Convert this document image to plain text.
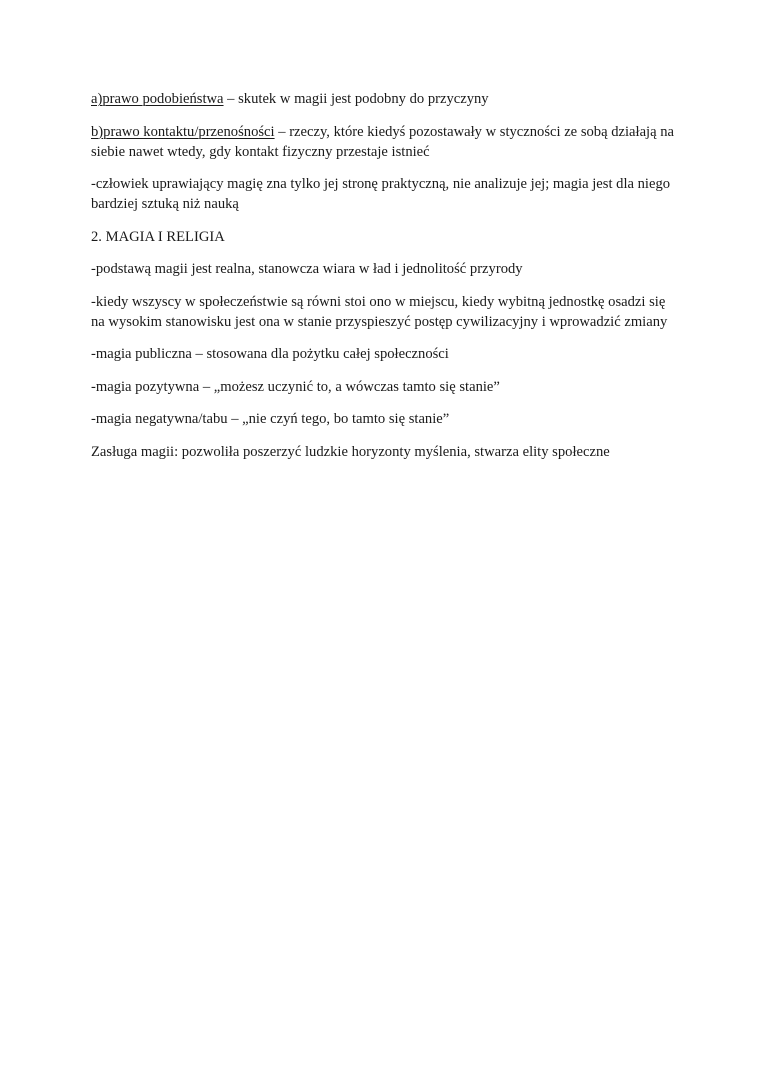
a)prawo podobieństwa – skutek w magii jest podobny do przyczyny

b)prawo kontaktu/przenośności – rzeczy, które kiedyś pozostawały w styczności ze sobą działają na siebie nawet wtedy, gdy kontakt fizyczny przestaje istnieć

-człowiek uprawiający magię zna tylko jej stronę praktyczną, nie analizuje jej; magia jest dla niego bardziej sztuką niż nauką

2. MAGIA I RELIGIA

-podstawą magii jest realna, stanowcza wiara w ład i jednolitość przyrody

-kiedy wszyscy w społeczeństwie są równi stoi ono w miejscu, kiedy wybitną jednostkę osadzi się na wysokim stanowisku jest ona w stanie przyspieszyć postęp cywilizacyjny i wprowadzić zmiany

-magia publiczna – stosowana dla pożytku całej społeczności

-magia pozytywna – „możesz uczynić to, a wówczas tamto się stanie”

-magia negatywna/tabu – „nie czyń tego, bo tamto się stanie”

Zasługa magii: pozwoliła poszerzyć ludzkie horyzonty myślenia, stwarza elity społeczne
